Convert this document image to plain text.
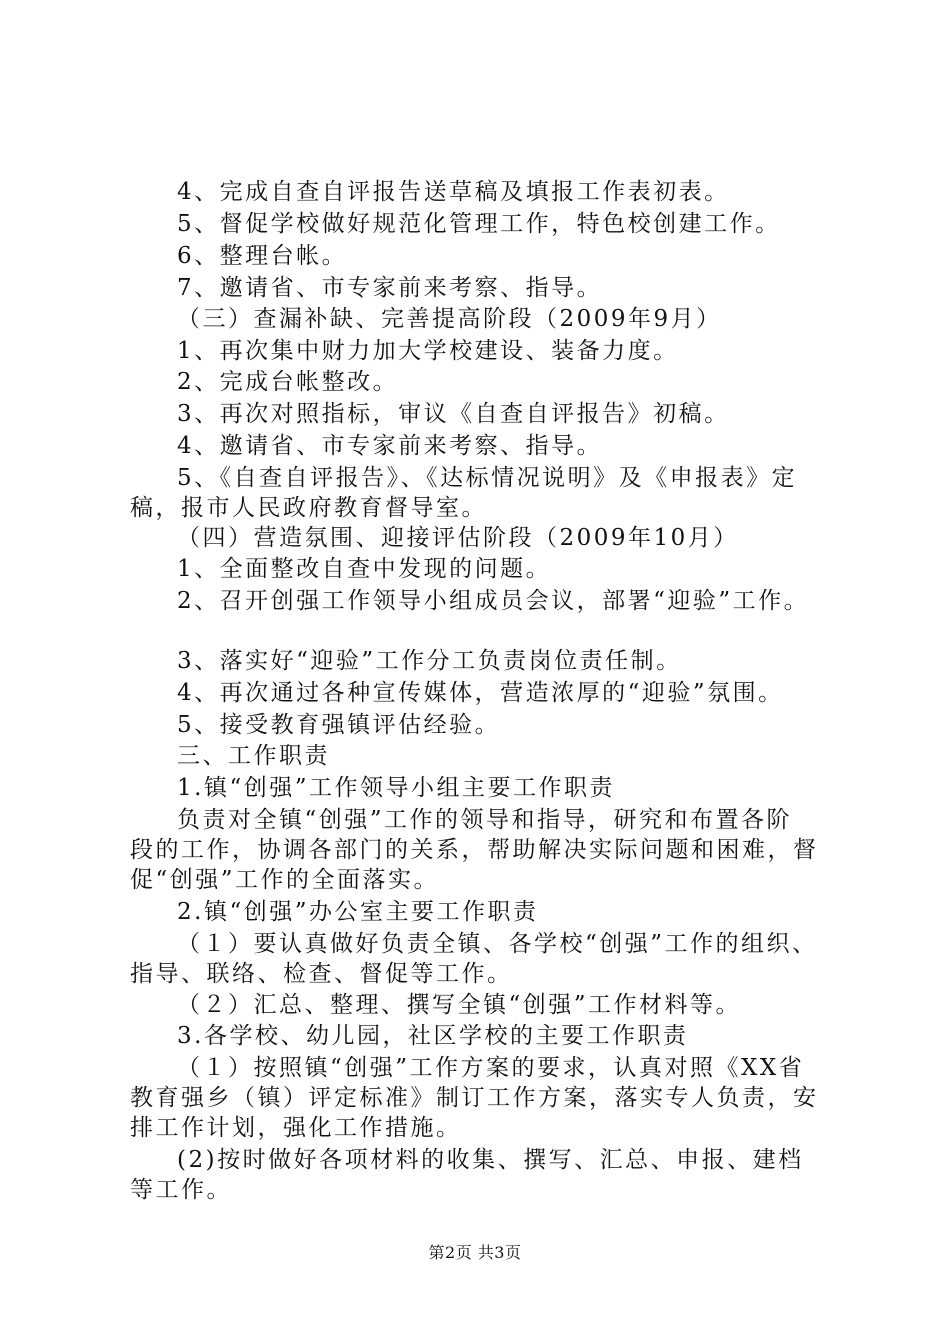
4、完成自查自评报告送草稿及填报工作表初表。
5、督促学校做好规范化管理工作，特色校创建工作。
6、整理台帐。
7、邀请省、市专家前来考察、指导。
（三）查漏补缺、完善提高阶段（2009年9月）
1、再次集中财力加大学校建设、装备力度。
2、完成台帐整改。
3、再次对照指标，审议《自查自评报告》初稿。
4、邀请省、市专家前来考察、指导。
5、《自查自评报告》、《达标情况说明》及《申报表》定
稿，报市人民政府教育督导室。
（四）营造氛围、迎接评估阶段（2009年10月）
1、全面整改自查中发现的问题。
2、召开创强工作领导小组成员会议，部署“迎验”工作。
3、落实好“迎验”工作分工负责岗位责任制。
4、再次通过各种宣传媒体，营造浓厚的“迎验”氛围。
5、接受教育强镇评估经验。
三、工作职责
1.镇“创强”工作领导小组主要工作职责
负责对全镇“创强”工作的领导和指导，研究和布置各阶
段的工作，协调各部门的关系，帮助解决实际问题和困难，督
促“创强”工作的全面落实。
2.镇“创强”办公室主要工作职责
（１）要认真做好负责全镇、各学校“创强”工作的组织、
指导、联络、检查、督促等工作。
（２）汇总、整理、撰写全镇“创强”工作材料等。
3.各学校、幼儿园，社区学校的主要工作职责
（１）按照镇“创强”工作方案的要求，认真对照《XX省
教育强乡（镇）评定标准》制订工作方案，落实专人负责，安
排工作计划，强化工作措施。
(2)按时做好各项材料的收集、撰写、汇总、申报、建档
等工作。
第2页 共3页
